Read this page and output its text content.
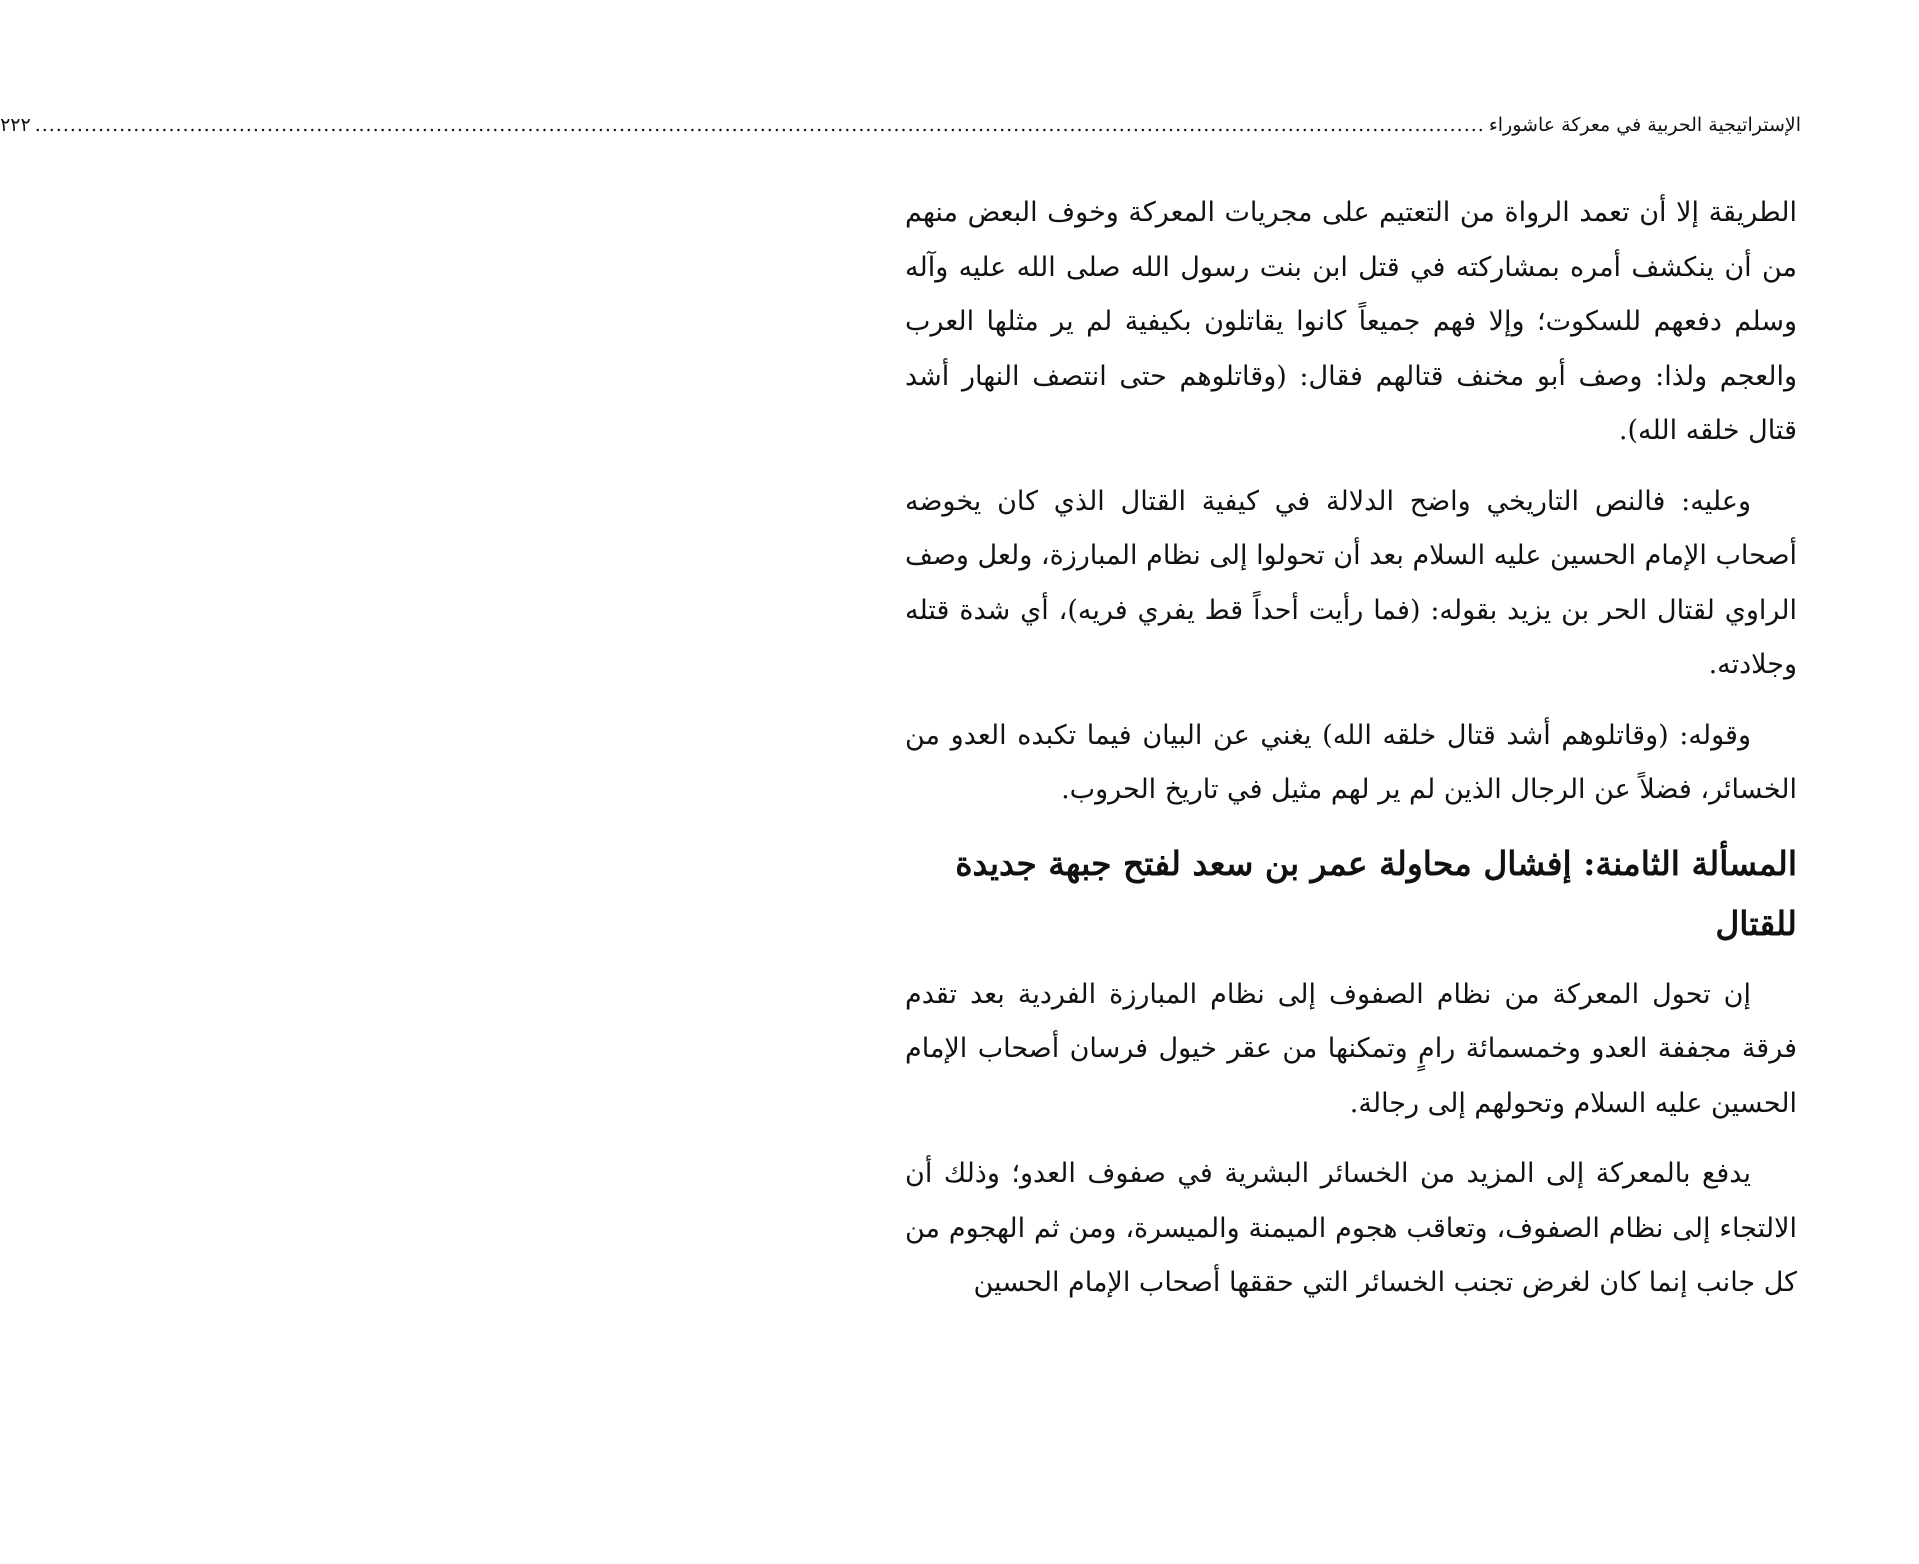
٢٢٢ .............................................................................................................................................................................................................. الإستراتيجية الحربية في معركة عاشوراء

الطريقة إلا أن تعمد الرواة من التعتيم على مجريات المعركة وخوف البعض منهم من أن ينكشف أمره بمشاركته في قتل ابن بنت رسول الله صلى الله عليه وآله وسلم دفعهم للسكوت؛ وإلا فهم جميعاً كانوا يقاتلون بكيفية لم ير مثلها العرب والعجم ولذا: وصف أبو مخنف قتالهم فقال: (وقاتلوهم حتى انتصف النهار أشد قتال خلقه الله).

وعليه: فالنص التاريخي واضح الدلالة في كيفية القتال الذي كان يخوضه أصحاب الإمام الحسين عليه السلام بعد أن تحولوا إلى نظام المبارزة، ولعل وصف الراوي لقتال الحر بن يزيد بقوله: (فما رأيت أحداً قط يفري فريه)، أي شدة قتله وجلادته.

وقوله: (وقاتلوهم أشد قتال خلقه الله) يغني عن البيان فيما تكبده العدو من الخسائر، فضلاً عن الرجال الذين لم ير لهم مثيل في تاريخ الحروب.

المسألة الثامنة: إفشال محاولة عمر بن سعد لفتح جبهة جديدة للقتال

إن تحول المعركة من نظام الصفوف إلى نظام المبارزة الفردية بعد تقدم فرقة مجففة العدو وخمسمائة رامٍ وتمكنها من عقر خيول فرسان أصحاب الإمام الحسين عليه السلام وتحولهم إلى رجالة.

يدفع بالمعركة إلى المزيد من الخسائر البشرية في صفوف العدو؛ وذلك أن الالتجاء إلى نظام الصفوف، وتعاقب هجوم الميمنة والميسرة، ومن ثم الهجوم من كل جانب إنما كان لغرض تجنب الخسائر التي حققها أصحاب الإمام الحسين
